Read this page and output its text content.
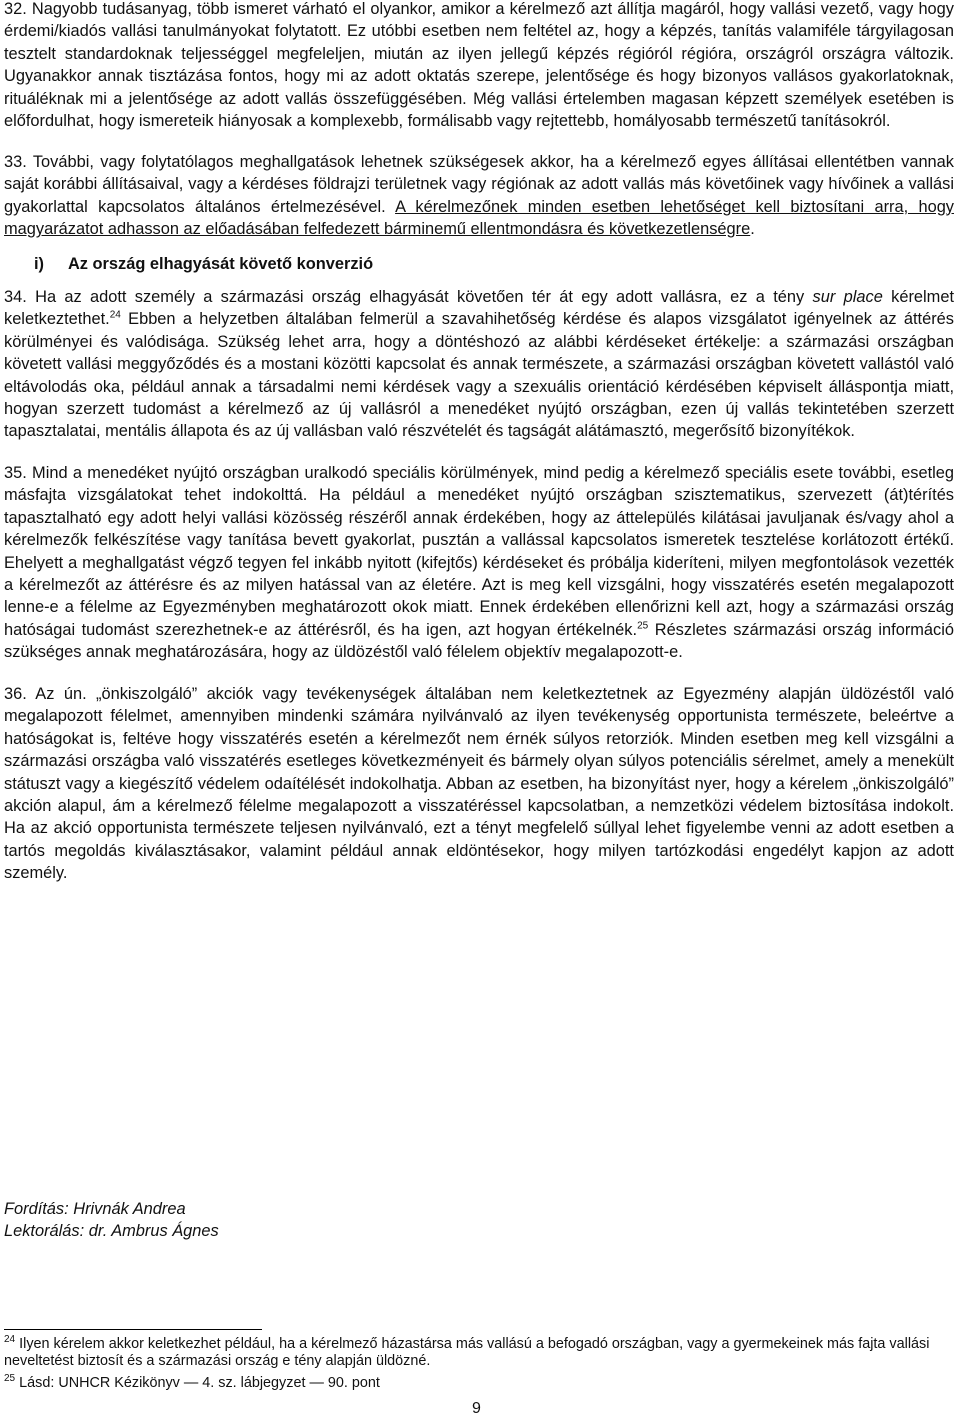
32. Nagyobb tudásanyag, több ismeret várható el olyankor, amikor a kérelmező azt állítja magáról, hogy vallási vezető, vagy hogy érdemi/kiadós vallási tanulmányokat folytatott. Ez utóbbi esetben nem feltétel az, hogy a képzés, tanítás valamiféle tárgyilagosan tesztelt standardoknak teljességgel megfeleljen, miután az ilyen jellegű képzés régióról régióra, országról országra változik. Ugyanakkor annak tisztázása fontos, hogy mi az adott oktatás szerepe, jelentősége és hogy bizonyos vallásos gyakorlatoknak, rituáléknak mi a jelentősége az adott vallás összefüggésében. Még vallási értelemben magasan képzett személyek esetében is előfordulhat, hogy ismereteik hiányosak a komplexebb, formálisabb vagy rejtettebb, homályosabb természetű tanításokról.

33. További, vagy folytatólagos meghallgatások lehetnek szükségesek akkor, ha a kérelmező egyes állításai ellentétben vannak saját korábbi állításaival, vagy a kérdéses földrajzi területnek vagy régiónak az adott vallás más követőinek vagy hívőinek a vallási gyakorlattal kapcsolatos általános értelmezésével. A kérelmezőnek minden esetben lehetőséget kell biztosítani arra, hogy magyarázatot adhasson az előadásában felfedezett bárminemű ellentmondásra és következetlenségre.

i) Az ország elhagyását követő konverzió

34. Ha az adott személy a származási ország elhagyását követően tér át egy adott vallásra, ez a tény sur place kérelmet keletkeztethet.$^{24}$ Ebben a helyzetben általában felmerül a szavahihetőség kérdése és alapos vizsgálatot igényelnek az áttérés körülményei és valódisága. Szükség lehet arra, hogy a döntéshozó az alábbi kérdéseket értékelje: a származási országban követett vallási meggyőződés és a mostani közötti kapcsolat és annak természete, a származási országban követett vallástól való eltávolodás oka, például annak a társadalmi nemi kérdések vagy a szexuális orientáció kérdésében képviselt álláspontja miatt, hogyan szerzett tudomást a kérelmező az új vallásról a menedéket nyújtó országban, ezen új vallás tekintetében szerzett tapasztalatai, mentális állapota és az új vallásban való részvételét és tagságát alátámasztó, megerősítő bizonyítékok.

35. Mind a menedéket nyújtó országban uralkodó speciális körülmények, mind pedig a kérelmező speciális esete további, esetleg másfajta vizsgálatokat tehet indokolttá. Ha például a menedéket nyújtó országban szisztematikus, szervezett (át)térítés tapasztalható egy adott helyi vallási közösség részéről annak érdekében, hogy az áttelepülés kilátásai javuljanak és/vagy ahol a kérelmezők felkészítése vagy tanítása bevett gyakorlat, pusztán a vallással kapcsolatos ismeretek tesztelése korlátozott értékű. Ehelyett a meghallgatást végző tegyen fel inkább nyitott (kifejtős) kérdéseket és próbálja kideríteni, milyen megfontolások vezették a kérelmezőt az áttérésre és az milyen hatással van az életére. Azt is meg kell vizsgálni, hogy visszatérés esetén megalapozott lenne-e a félelme az Egyezményben meghatározott okok miatt. Ennek érdekében ellenőrizni kell azt, hogy a származási ország hatóságai tudomást szerezhetnek-e az áttérésről, és ha igen, azt hogyan értékelnék.$^{25}$ Részletes származási ország információ szükséges annak meghatározására, hogy az üldözéstől való félelem objektív megalapozott-e.

36. Az ún. „önkiszolgáló” akciók vagy tevékenységek általában nem keletkeztetnek az Egyezmény alapján üldözéstől való megalapozott félelmet, amennyiben mindenki számára nyilvánvaló az ilyen tevékenység opportunista természete, beleértve a hatóságokat is, feltéve hogy visszatérés esetén a kérelmezőt nem érnék súlyos retorziók. Minden esetben meg kell vizsgálni a származási országba való visszatérés esetleges következményeit és bármely olyan súlyos potenciális sérelmet, amely a menekült státuszt vagy a kiegészítő védelem odaítélését indokolhatja. Abban az esetben, ha bizonyítást nyer, hogy a kérelem „önkiszolgáló” akción alapul, ám a kérelmező félelme megalapozott a visszatéréssel kapcsolatban, a nemzetközi védelem biztosítása indokolt. Ha az akció opportunista természete teljesen nyilvánvaló, ezt a tényt megfelelő súllyal lehet figyelembe venni az adott esetben a tartós megoldás kiválasztásakor, valamint például annak eldöntésekor, hogy milyen tartózkodási engedélyt kapjon az adott személy.

Fordítás: Hrivnák Andrea
Lektorálás: dr. Ambrus Ágnes

$^{24}$ Ilyen kérelem akkor keletkezhet például, ha a kérelmező házastársa más vallású a befogadó országban, vagy a gyermekeinek más fajta vallási neveltetést biztosít és a származási ország e tény alapján üldözné.

$^{25}$ Lásd: UNHCR Kézikönyv — 4. sz. lábjegyzet — 90. pont

9
